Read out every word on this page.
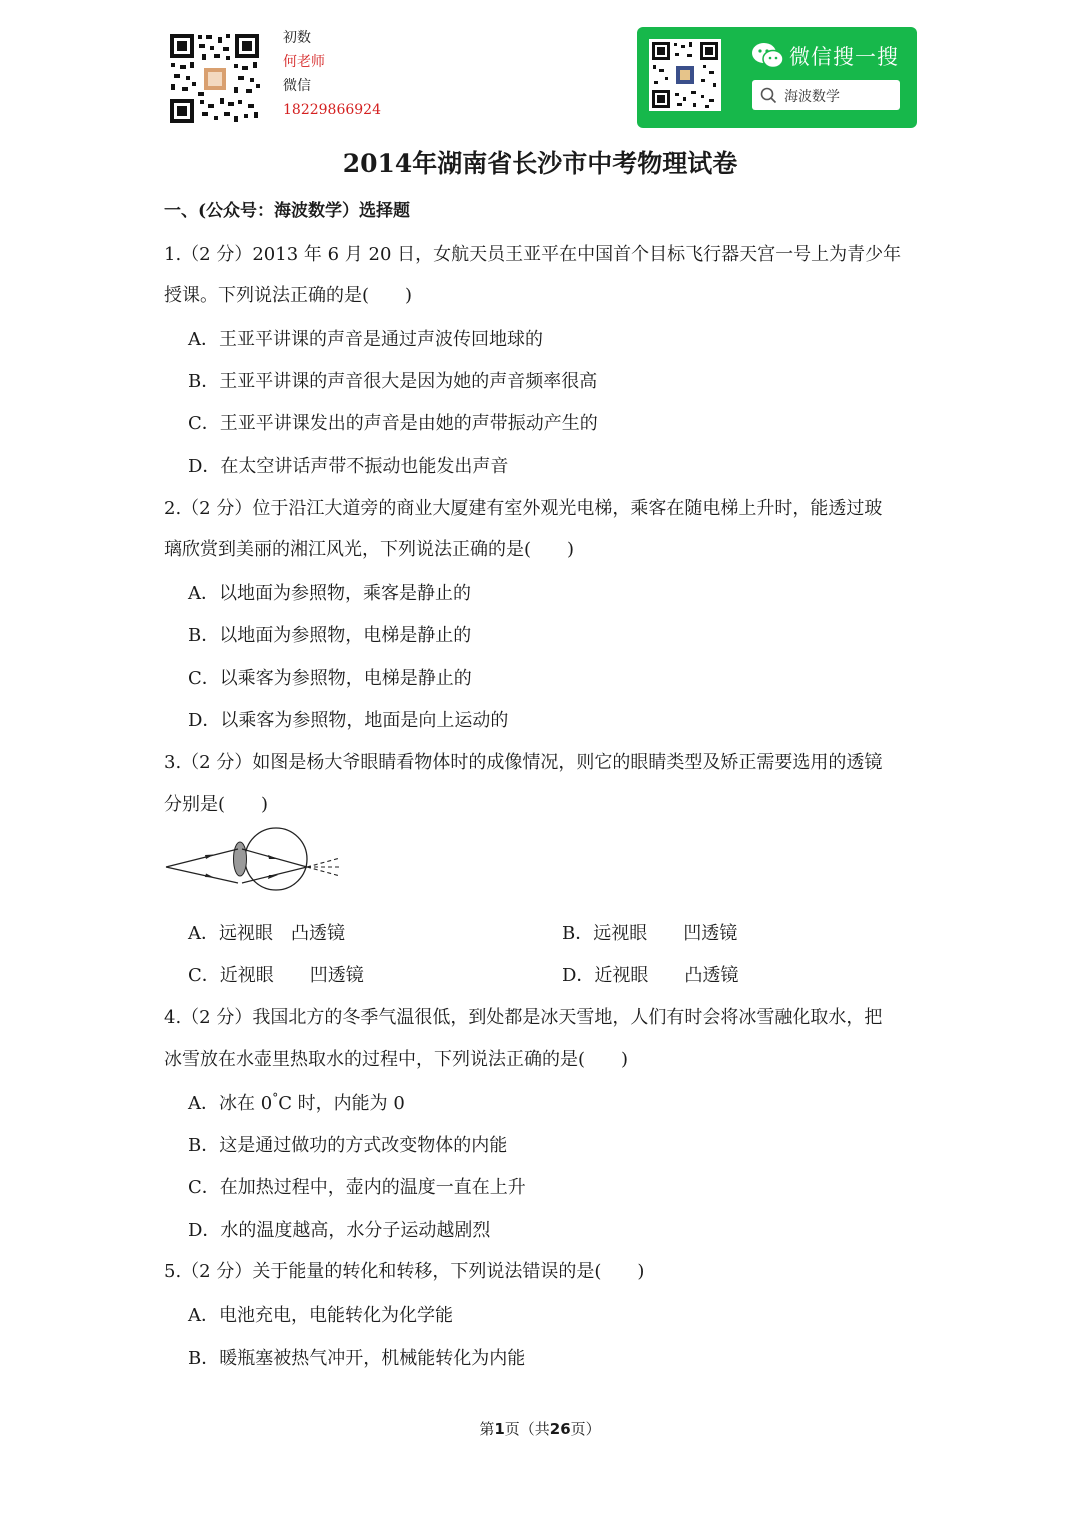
初数
何老师
微信
18229866924
微信搜一搜
海波数学
2014年湖南省长沙市中考物理试卷
一、(公众号：海波数学）选择题
1.（2 分）2013 年 6 月 20 日，女航天员王亚平在中国首个目标飞行器天宫一号上为青少年
授课。下列说法正确的是(　　)
A．王亚平讲课的声音是通过声波传回地球的
B．王亚平讲课的声音很大是因为她的声音频率很高
C．王亚平讲课发出的声音是由她的声带振动产生的
D．在太空讲话声带不振动也能发出声音
2.（2 分）位于沿江大道旁的商业大厦建有室外观光电梯，乘客在随电梯上升时，能透过玻
璃欣赏到美丽的湘江风光，下列说法正确的是(　　)
A．以地面为参照物，乘客是静止的
B．以地面为参照物，电梯是静止的
C．以乘客为参照物，电梯是静止的
D．以乘客为参照物，地面是向上运动的
3.（2 分）如图是杨大爷眼睛看物体时的成像情况，则它的眼睛类型及矫正需要选用的透镜
分别是(　　)
A．远视眼　凸透镜	B．远视眼　　凹透镜
C．近视眼　　凹透镜	D．近视眼　　凸透镜
4.（2 分）我国北方的冬季气温很低，到处都是冰天雪地，人们有时会将冰雪融化取水，把
冰雪放在水壶里热取水的过程中，下列说法正确的是(　　)
A．冰在 0°C 时，内能为 0
B．这是通过做功的方式改变物体的内能
C．在加热过程中，壶内的温度一直在上升
D．水的温度越高，水分子运动越剧烈
5.（2 分）关于能量的转化和转移，下列说法错误的是(　　)
A．电池充电，电能转化为化学能
B．暖瓶塞被热气冲开，机械能转化为内能
第1页（共26页）
